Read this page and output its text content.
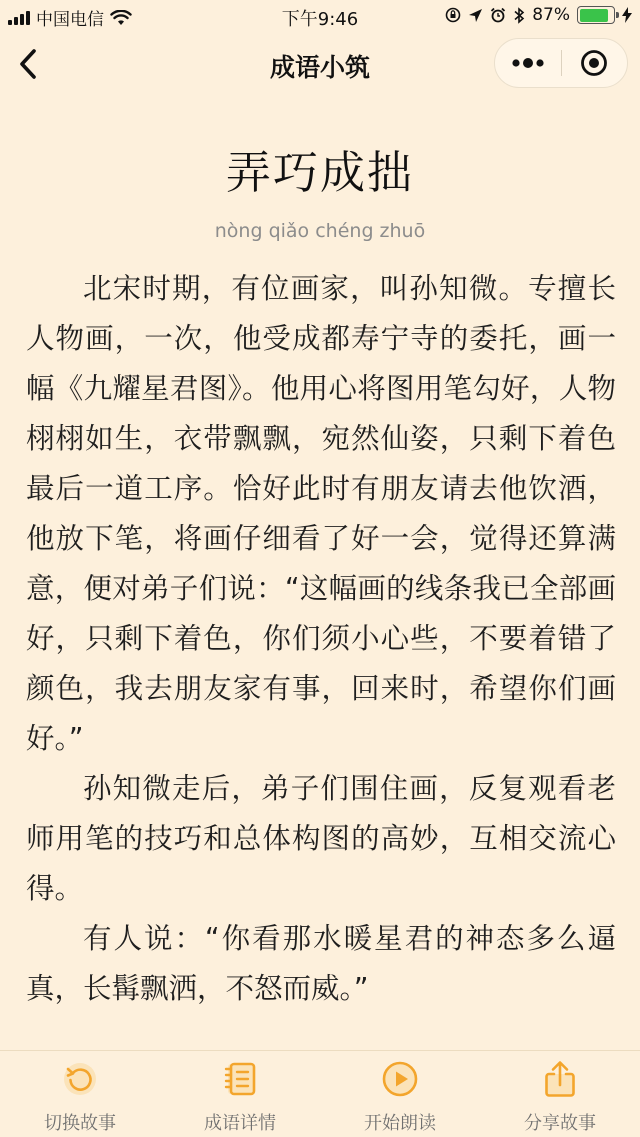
中国电信	下午9:46	87%
成语小筑
弄巧成拙
nòng qiǎo chéng zhuō

北宋时期，有位画家，叫孙知微。专擅长人物画，一次，他受成都寿宁寺的委托，画一幅《九耀星君图》。他用心将图用笔勾好，人物栩栩如生，衣带飘飘，宛然仙姿，只剩下着色最后一道工序。恰好此时有朋友请去他饮酒，他放下笔，将画仔细看了好一会，觉得还算满意，便对弟子们说：“这幅画的线条我已全部画好，只剩下着色，你们须小心些，不要着错了颜色，我去朋友家有事，回来时，希望你们画好。”

孙知微走后，弟子们围住画，反复观看老师用笔的技巧和总体构图的高妙，互相交流心得。

有人说：“你看那水暖星君的神态多么逼真，长髯飘洒，不怒而威。”

切换故事	成语详情	开始朗读	分享故事
